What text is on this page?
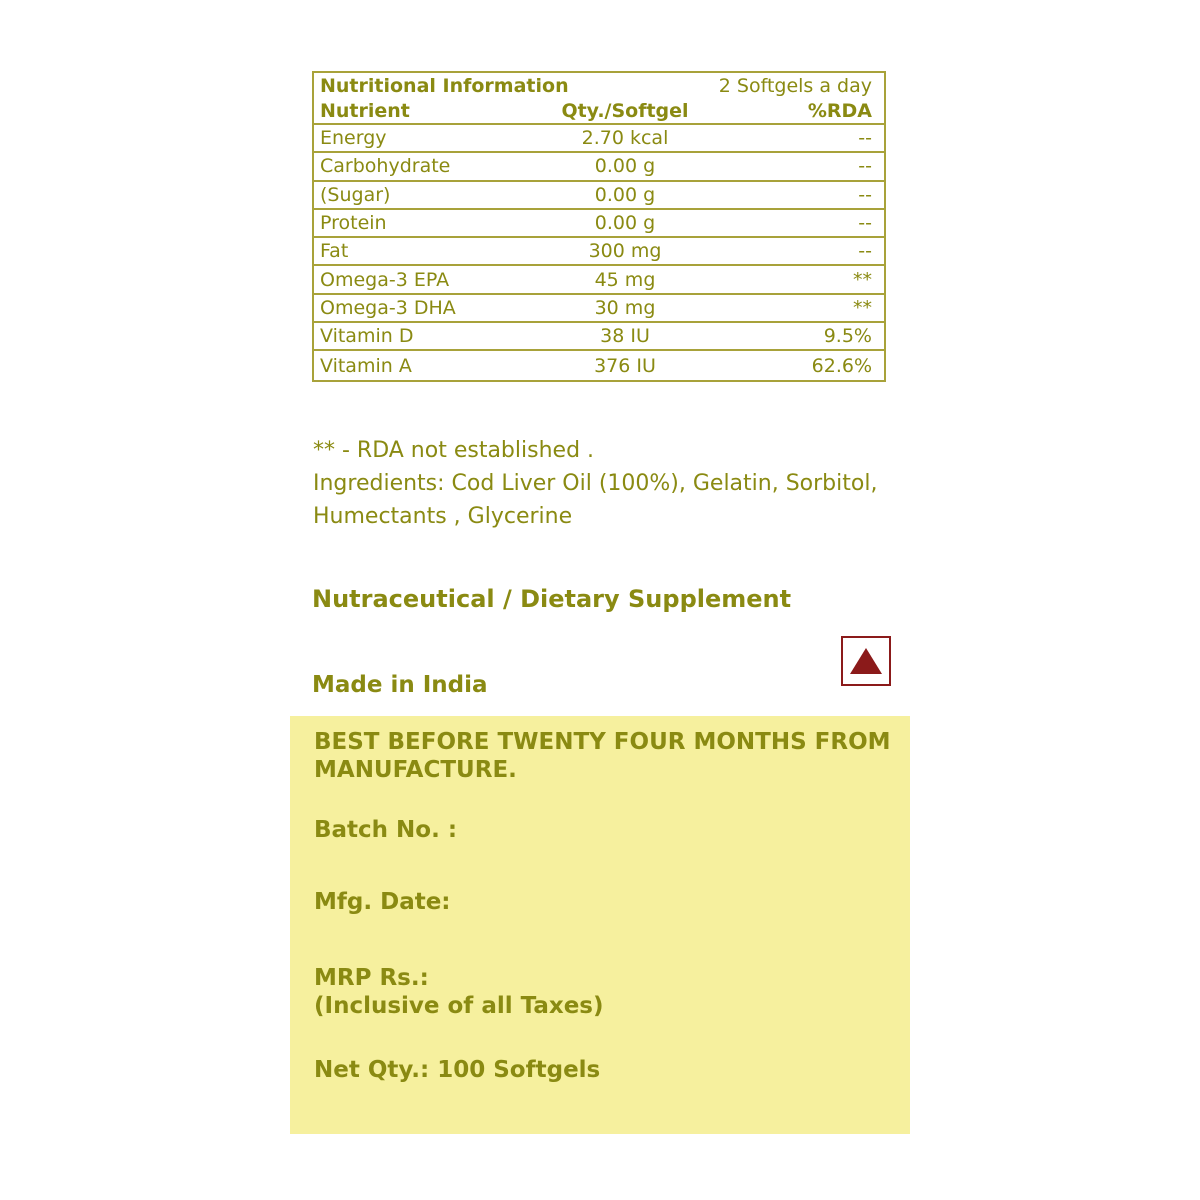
Nutritional Information	2 Softgels a day
Nutrient	Qty./Softgel	%RDA
Energy	2.70 kcal	--
Carbohydrate	0.00 g	--
(Sugar)	0.00 g	--
Protein	0.00 g	--
Fat	300 mg	--
Omega-3 EPA	45 mg	**
Omega-3 DHA	30 mg	**
Vitamin D	38 IU	9.5%
Vitamin A	376 IU	62.6%

** - RDA not established .

Ingredients: Cod Liver Oil (100%), Gelatin, Sorbitol,

Humectants , Glycerine

Nutraceutical / Dietary Supplement
Made in India
BEST BEFORE TWENTY FOUR MONTHS FROM
MANUFACTURE.
Batch No. :
Mfg. Date:
MRP Rs.:
(Inclusive of all Taxes)
Net Qty.: 100 Softgels
